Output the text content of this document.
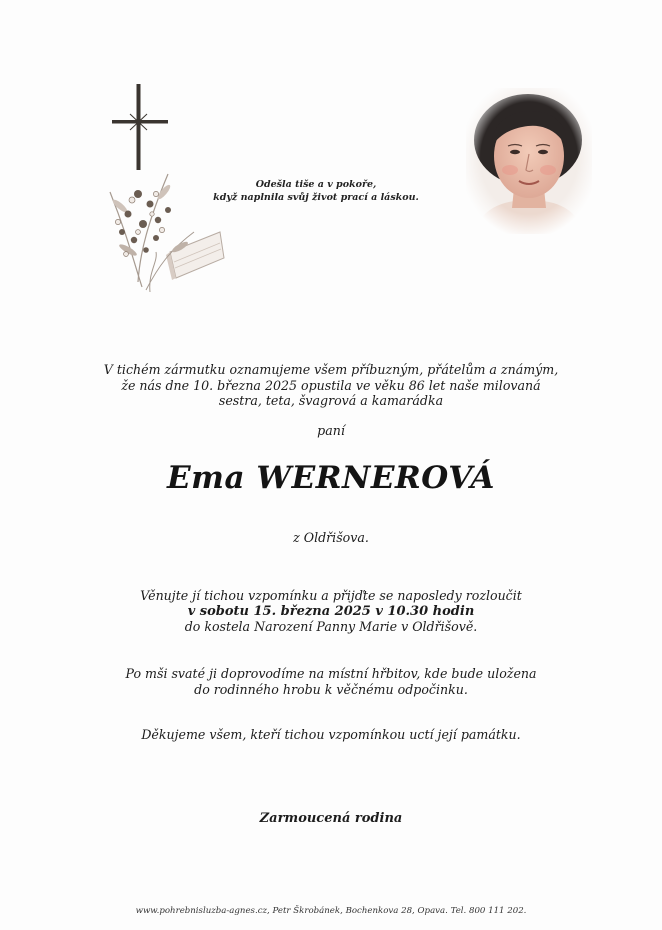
Odešla tiše a v pokoře,
když naplnila svůj život prací a láskou.
V tichém zármutku oznamujeme všem příbuzným, přátelům a známým,
že nás dne 10. března 2025 opustila ve věku 86 let naše milovaná
sestra, teta, švagrová a kamarádka
paní
Ema WERNEROVÁ
z Oldřišova.
Věnujte jí tichou vzpomínku a přijďte se naposledy rozloučit
v sobotu 15. března 2025 v 10.30 hodin
do kostela Narození Panny Marie v Oldřišově.
Po mši svaté ji doprovodíme na místní hřbitov, kde bude uložena
do rodinného hrobu k věčnému odpočinku.
Děkujeme všem, kteří tichou vzpomínkou uctí její památku.
Zarmoucená rodina
www.pohrebnisluzba-agnes.cz, Petr Škrobánek, Bochenkova 28, Opava. Tel. 800 111 202.
